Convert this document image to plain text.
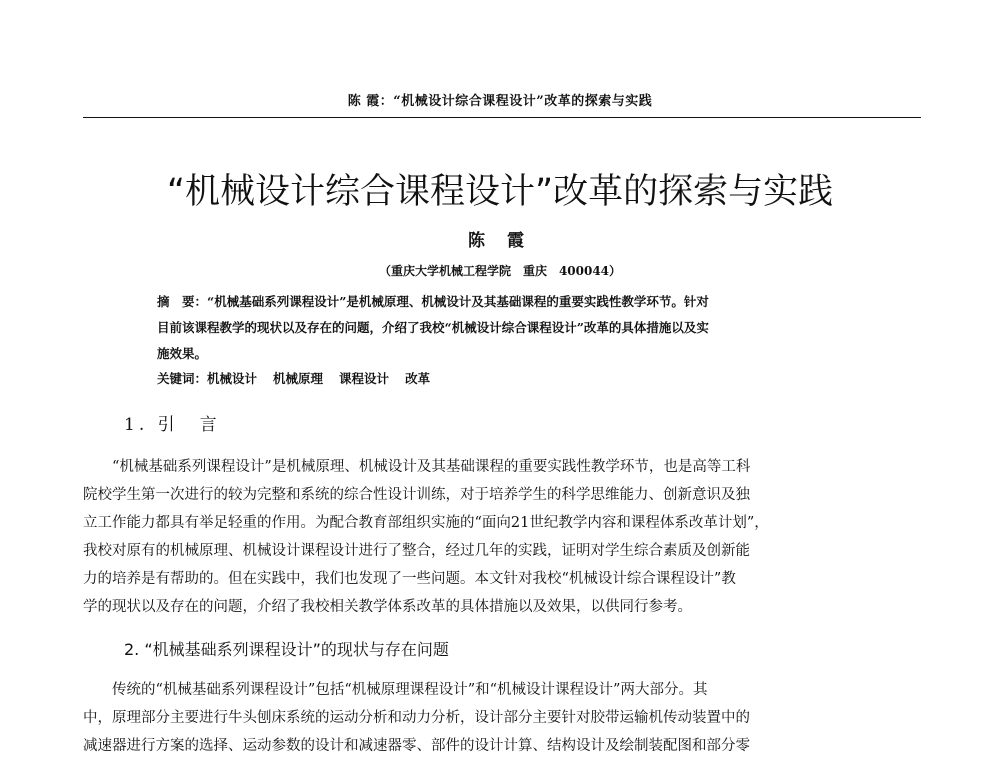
陈 霞：“机械设计综合课程设计”改革的探索与实践
“机械设计综合课程设计”改革的探索与实践
陈 霞
（重庆大学机械工程学院　重庆　400044）
摘　要：“机械基础系列课程设计”是机械原理、机械设计及其基础课程的重要实践性教学环节。针对
目前该课程教学的现状以及存在的问题，介绍了我校“机械设计综合课程设计”改革的具体措施以及实
施效果。
关键词：机械设计 机械原理 课程设计 改革
1. 引　言
　　“机械基础系列课程设计”是机械原理、机械设计及其基础课程的重要实践性教学环节，也是高等工科
院校学生第一次进行的较为完整和系统的综合性设计训练，对于培养学生的科学思维能力、创新意识及独
立工作能力都具有举足轻重的作用。为配合教育部组织实施的“面向21世纪教学内容和课程体系改革计划”，
我校对原有的机械原理、机械设计课程设计进行了整合，经过几年的实践，证明对学生综合素质及创新能
力的培养是有帮助的。但在实践中，我们也发现了一些问题。本文针对我校“机械设计综合课程设计”教
学的现状以及存在的问题，介绍了我校相关教学体系改革的具体措施以及效果，以供同行参考。
2. “机械基础系列课程设计”的现状与存在问题
　　传统的“机械基础系列课程设计”包括“机械原理课程设计”和“机械设计课程设计”两大部分。其
中，原理部分主要进行牛头刨床系统的运动分析和动力分析，设计部分主要针对胶带运输机传动装置中的
减速器进行方案的选择、运动参数的设计和减速器零、部件的设计计算、结构设计及绘制装配图和部分零
